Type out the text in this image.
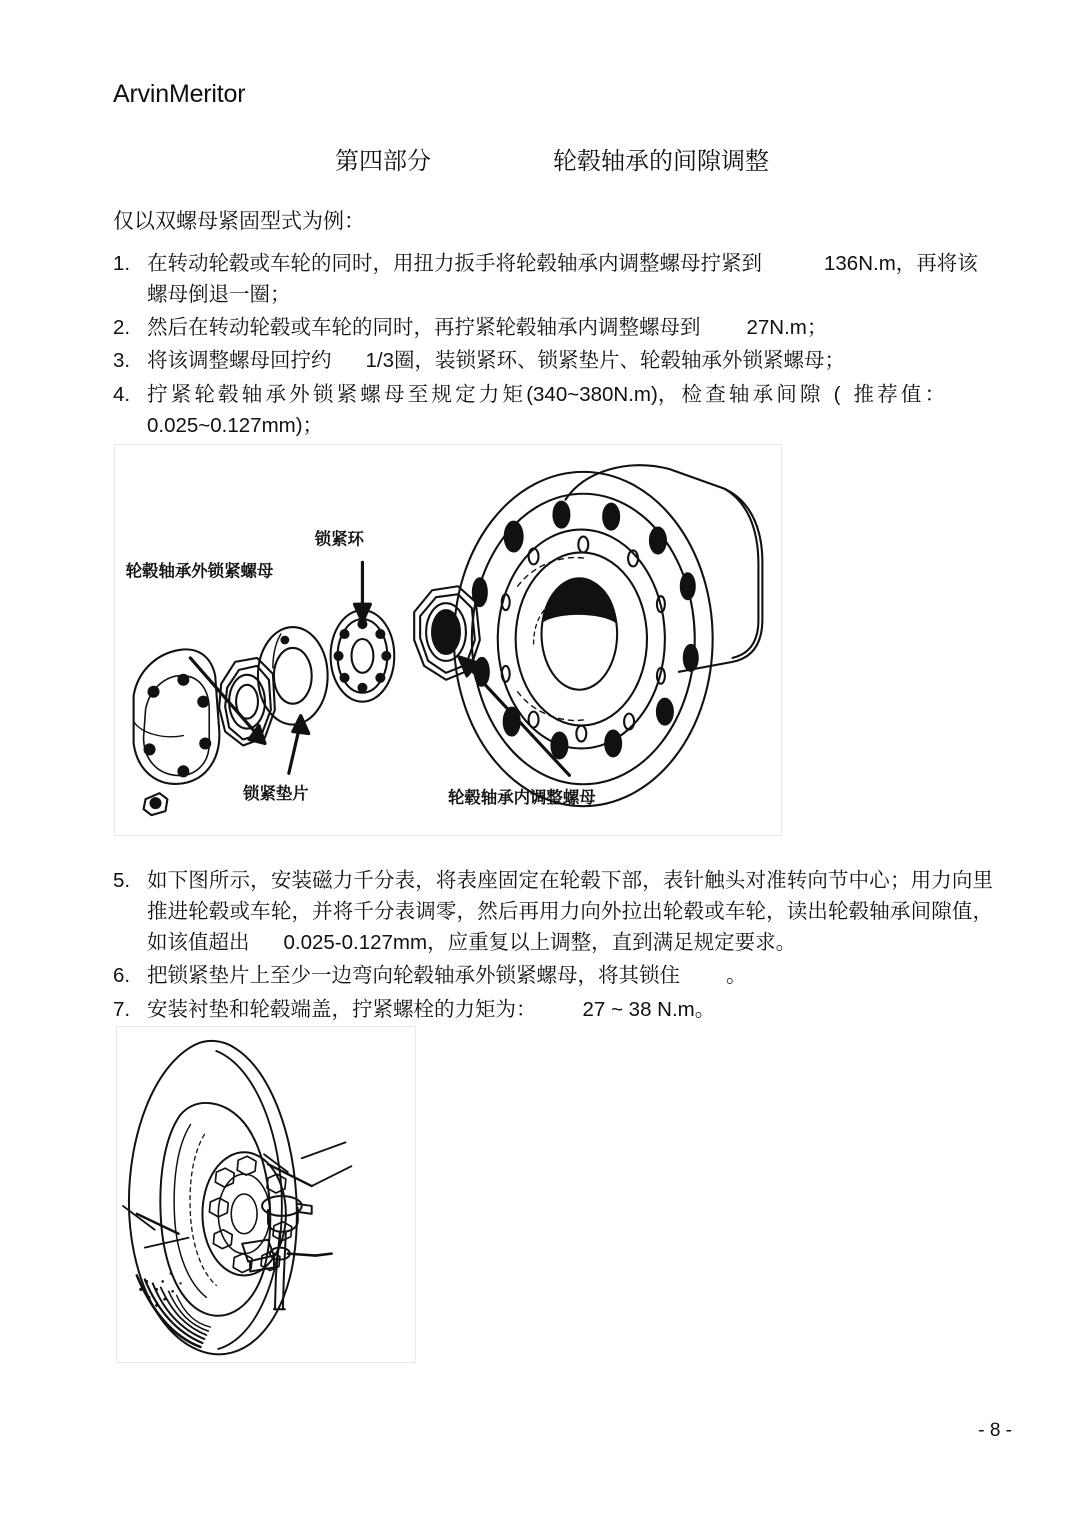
ArvinMeritor
第四部分	轮毂轴承的间隙调整
仅以双螺母紧固型式为例：
1. 在转动轮毂或车轮的同时，用扭力扳手将轮毂轴承内调整螺母拧紧到	136N.m，再将该螺母倒退一圈；
2. 然后在转动轮毂或车轮的同时，再拧紧轮毂轴承内调整螺母到 27N.m；
3. 将该调整螺母回拧约 1/3圈，装锁紧环、锁紧垫片、轮毂轴承外锁紧螺母；
4. 拧紧轮毂轴承外锁紧螺母至规定力矩(340~380N.m)，检查轴承间隙 ( 推荐值：
0.025~0.127mm)；
轮毂轴承外锁紧螺母
锁紧环
锁紧垫片	轮毂轴承内调整螺母
5. 如下图所示，安装磁力千分表，将表座固定在轮毂下部，表针触头对准转向节中心；用力向里推进轮毂或车轮，并将千分表调零，然后再用力向外拉出轮毂或车轮，读出轮毂轴承间隙值，如该值超出 0.025-0.127mm，应重复以上调整，直到满足规定要求。
6. 把锁紧垫片上至少一边弯向轮毂轴承外锁紧螺母，将其锁住 。
7. 安装衬垫和轮毂端盖，拧紧螺栓的力矩为： 27 ~ 38 N.m。
- 8 -
